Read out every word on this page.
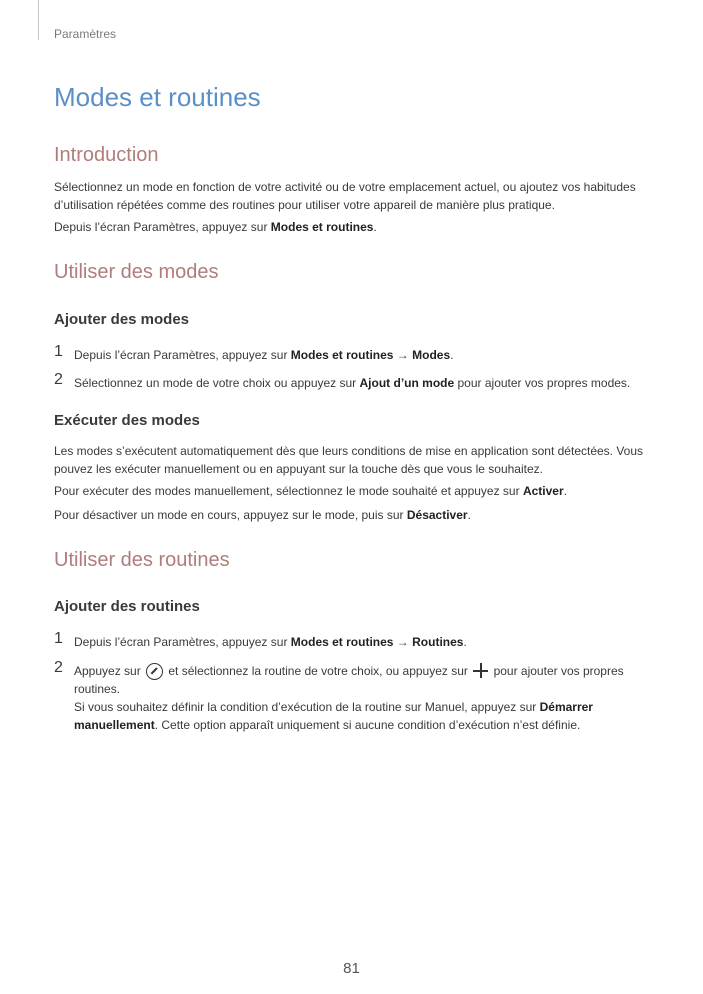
Paramètres
Modes et routines
Introduction

Sélectionnez un mode en fonction de votre activité ou de votre emplacement actuel, ou ajoutez vos habitudes d’utilisation répétées comme des routines pour utiliser votre appareil de manière plus pratique.

Depuis l’écran Paramètres, appuyez sur Modes et routines.

Utiliser des modes
Ajouter des modes
1 Depuis l’écran Paramètres, appuyez sur Modes et routines → Modes.
2 Sélectionnez un mode de votre choix ou appuyez sur Ajout d’un mode pour ajouter vos propres modes.
Exécuter des modes

Les modes s’exécutent automatiquement dès que leurs conditions de mise en application sont détectées. Vous pouvez les exécuter manuellement ou en appuyant sur la touche dès que vous le souhaitez.

Pour exécuter des modes manuellement, sélectionnez le mode souhaité et appuyez sur Activer.

Pour désactiver un mode en cours, appuyez sur le mode, puis sur Désactiver.

Utiliser des routines
Ajouter des routines
1 Depuis l’écran Paramètres, appuyez sur Modes et routines → Routines.
2 Appuyez sur  et sélectionnez la routine de votre choix, ou appuyez sur  pour ajouter vos propres routines.
Si vous souhaitez définir la condition d’exécution de la routine sur Manuel, appuyez sur Démarrer manuellement. Cette option apparaît uniquement si aucune condition d’exécution n’est définie.
81
